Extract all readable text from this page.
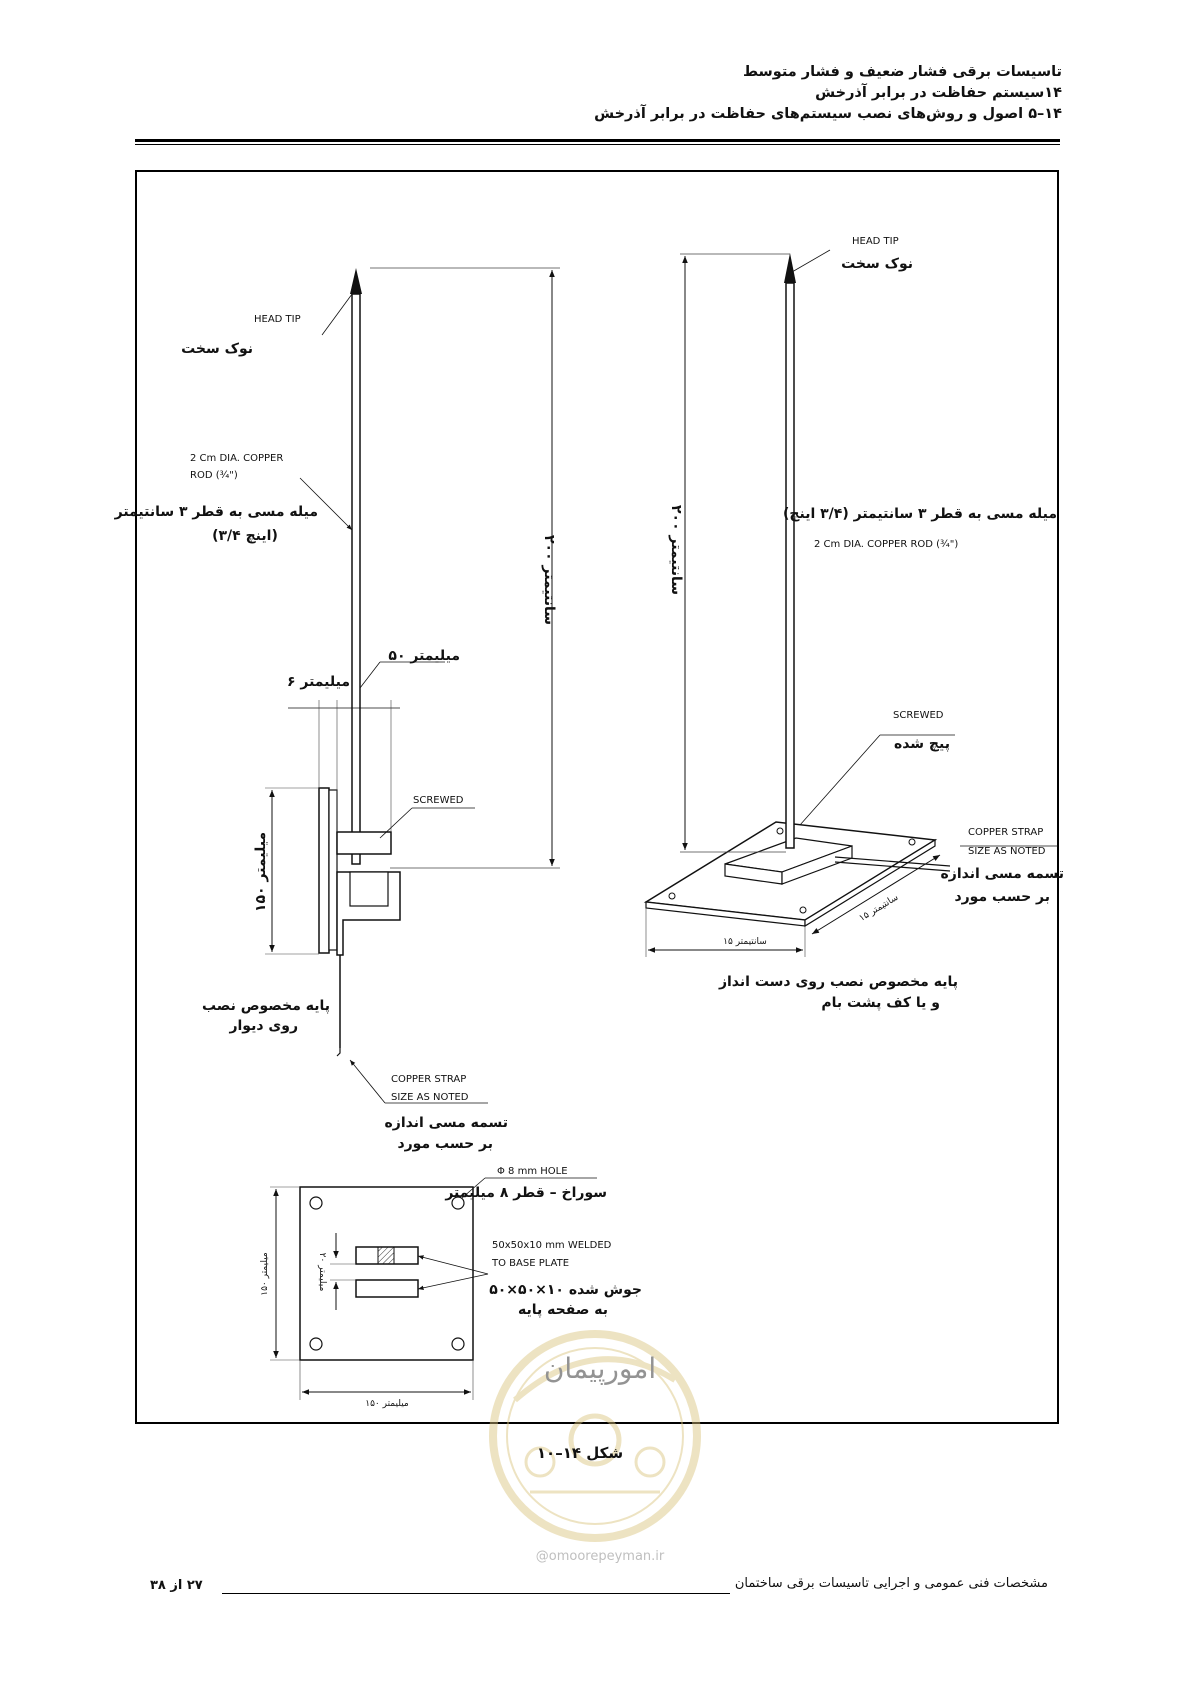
تاسیسات برقی فشار ضعیف و فشار متوسط
۱۴سیستم حفاظت در برابر آذرخش
۱۴–۵ اصول و روش‌های نصب سیستم‌های حفاظت در برابر آذرخش
امورپیمان
۲۰۰ سانتیمتر
HEAD TIP
نوک سخت
2 Cm DIA. COPPER
ROD (¾")
میله مسی به قطر ۳ سانتیمتر
(۳/۴ اینچ)
۵۰ میلیمتر
۶ میلیمتر
SCREWED
۱۵۰ میلیمتر
پایه مخصوص نصب
روی دیوار
COPPER STRAP
SIZE AS NOTED
تسمه مسی اندازه
بر حسب مورد
۲۰۰ سانتیمتر
HEAD TIP
نوک سخت
میله مسی به قطر ۳ سانتیمتر (۳/۴ اینچ)
2 Cm DIA. COPPER ROD (¾")
SCREWED
پیچ شده
COPPER STRAP
SIZE AS NOTED
تسمه مسی اندازه
بر حسب مورد
۱۵ سانتیمتر
۱۵ سانتیمتر
پایه مخصوص نصب روی دست انداز
و یا کف پشت بام
Φ 8 mm HOLE
سوراخ – قطر ۸ میلیمتر
50x50x10 mm WELDED
TO BASE PLATE
۵۰×۵۰×۱۰ جوش شده
به صفحه پایه
۲۰ میلیمتر
۱۵۰ میلیمتر
۱۵۰ میلیمتر
شکل ۱۴–۱۰
@omoorepeyman.ir
۲۷ از ۳۸	مشخصات فنی عمومی و اجرایی تاسیسات برقی ساختمان
